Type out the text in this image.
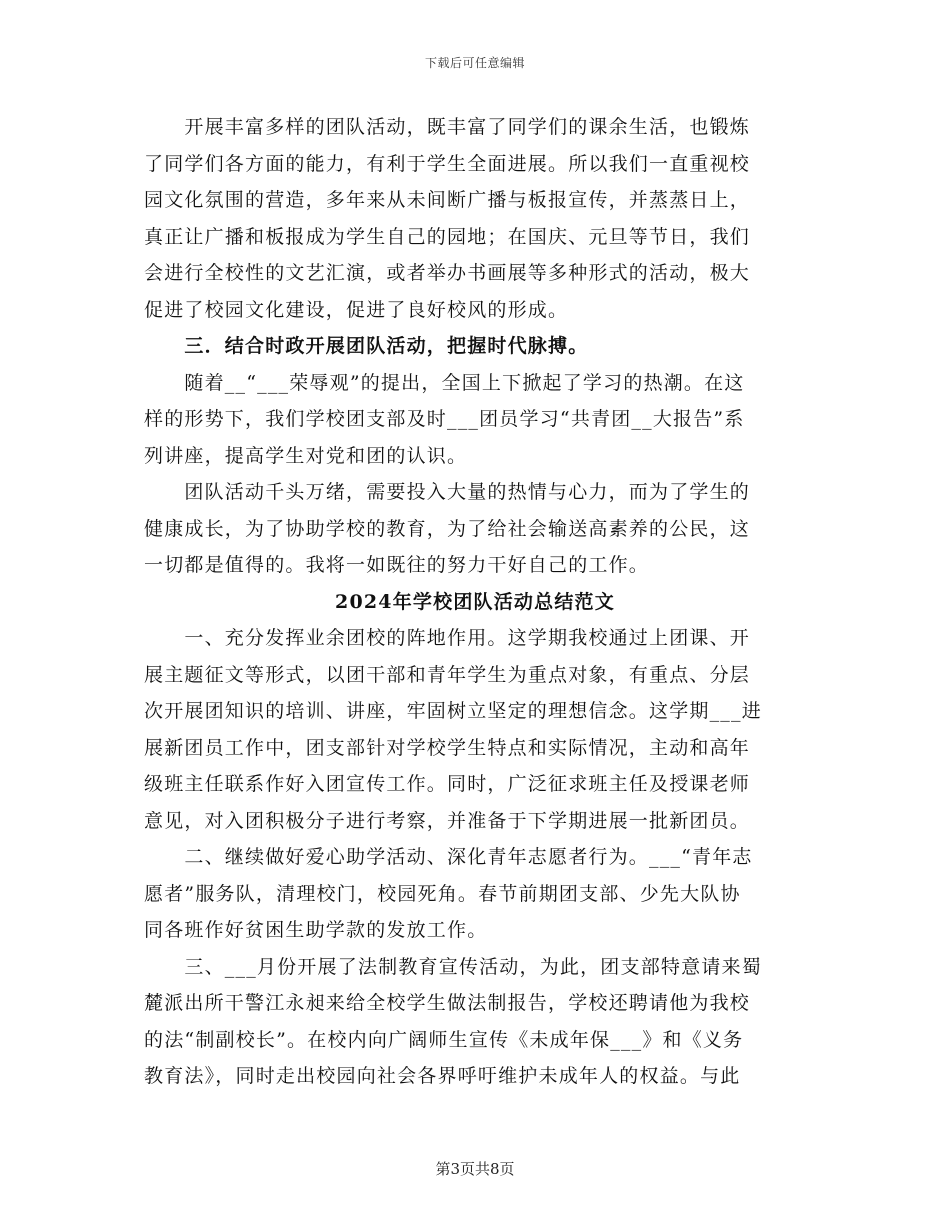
下载后可任意编辑
　　开展丰富多样的团队活动，既丰富了同学们的课余生活，也锻炼
了同学们各方面的能力，有利于学生全面进展。所以我们一直重视校
园文化氛围的营造，多年来从未间断广播与板报宣传，并蒸蒸日上，
真正让广播和板报成为学生自己的园地；在国庆、元旦等节日，我们
会进行全校性的文艺汇演，或者举办书画展等多种形式的活动，极大
促进了校园文化建设，促进了良好校风的形成。
　　三．结合时政开展团队活动，把握时代脉搏。
　　随着__“___荣辱观”的提出，全国上下掀起了学习的热潮。在这
样的形势下，我们学校团支部及时___团员学习“共青团__大报告”系
列讲座，提高学生对党和团的认识。
　　团队活动千头万绪，需要投入大量的热情与心力，而为了学生的
健康成长，为了协助学校的教育，为了给社会输送高素养的公民，这
一切都是值得的。我将一如既往的努力干好自己的工作。
2024年学校团队活动总结范文
　　一、充分发挥业余团校的阵地作用。这学期我校通过上团课、开
展主题征文等形式，以团干部和青年学生为重点对象，有重点、分层
次开展团知识的培训、讲座，牢固树立坚定的理想信念。这学期___进
展新团员工作中，团支部针对学校学生特点和实际情况，主动和高年
级班主任联系作好入团宣传工作。同时，广泛征求班主任及授课老师
意见，对入团积极分子进行考察，并准备于下学期进展一批新团员。
　　二、继续做好爱心助学活动、深化青年志愿者行为。___“青年志
愿者”服务队，清理校门，校园死角。春节前期团支部、少先大队协
同各班作好贫困生助学款的发放工作。
　　三、___月份开展了法制教育宣传活动，为此，团支部特意请来蜀
麓派出所干警江永昶来给全校学生做法制报告，学校还聘请他为我校
的法“制副校长”。在校内向广阔师生宣传《未成年保___》和《义务
教育法》，同时走出校园向社会各界呼吁维护未成年人的权益。与此
第3页共8页
